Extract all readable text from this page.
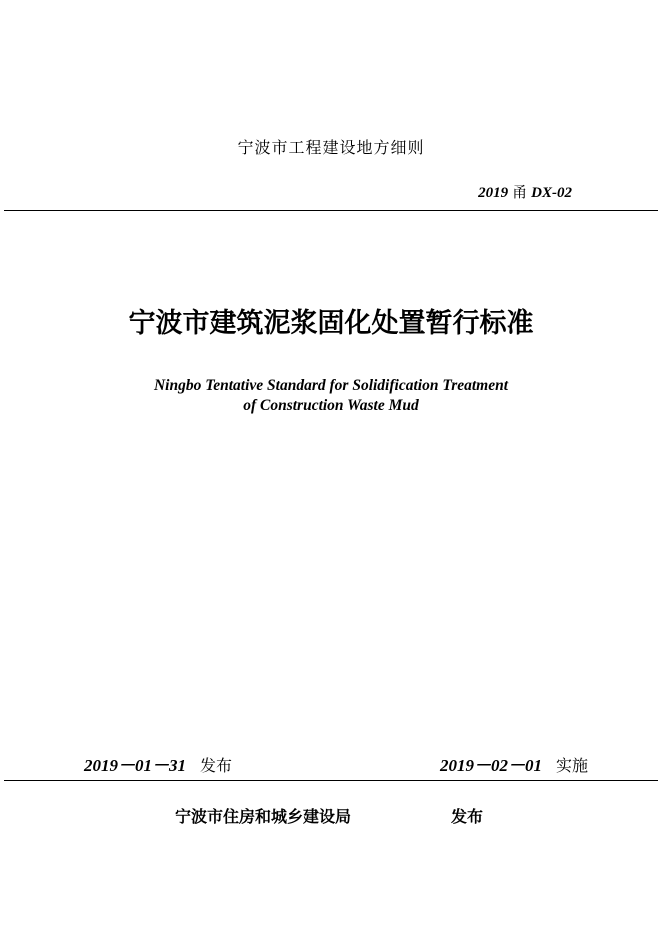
宁波市工程建设地方细则
2019 甬 DX-02
宁波市建筑泥浆固化处置暂行标准
Ningbo Tentative Standard for Solidification Treatment
of Construction Waste Mud
2019－01－31 发布	2019－02－01 实施
宁波市住房和城乡建设局	发布
